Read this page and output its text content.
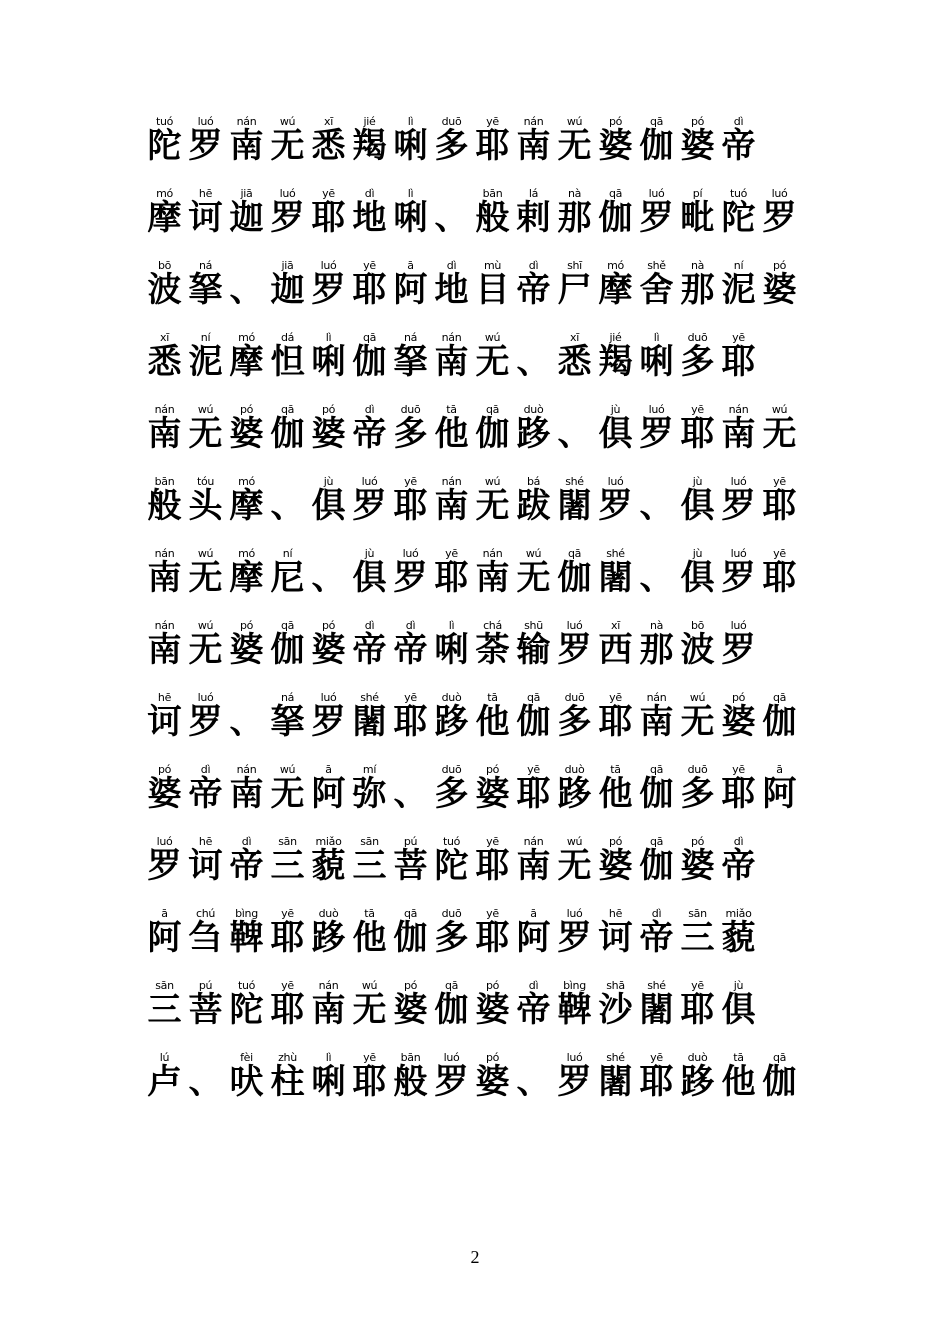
tuó
陀
luó
罗
nán
南
wú
无
xī
悉
jié
羯
lì
唎
duō
多
yē
耶
nán
南
wú
无
pó
婆
qā
伽
pó
婆
dì
帝
mó
摩
hē
诃
jiā
迦
luó
罗
yē
耶
dì
地
lì
唎 、
bān
般
lá
剌
nà
那
qā
伽
luó
罗
pí
毗
tuó
陀
luó
罗
bō
波
ná
拏 、
jiā
迦
luó
罗
yē
耶
ā
阿
dì
地
mù
目
dì
帝
shī
尸
mó
摩
shě
舍
nà
那
ní
泥
pó
婆
xī
悉
ní
泥
mó
摩
dá
怛
lì
唎
qā
伽
ná
拏
nán
南
wú
无 、
xī
悉
jié
羯
lì
唎
duō
多
yē
耶
nán
南
wú
无
pó
婆
qā
伽
pó
婆
dì
帝
duō
多
tā
他
qā
伽
duò
跢 、
jù
俱
luó
罗
yē
耶
nán
南
wú
无
bān
般
tóu
头
mó
摩 、
jù
俱
luó
罗
yē
耶
nán
南
wú
无
bá
跋
shé
闍
luó
罗 、
jù
俱
luó
罗
yē
耶
nán
南
wú
无
mó
摩
ní
尼 、
jù
俱
luó
罗
yē
耶
nán
南
wú
无
qā
伽
shé
闍 、
jù
俱
luó
罗
yē
耶
nán
南
wú
无
pó
婆
qā
伽
pó
婆
dì
帝
dì
帝
lì
唎
chá
荼
shū
输
luó
罗
xī
西
nà
那
bō
波
luó
罗
hē
诃
luó
罗 、
ná
拏
luó
罗
shé
闍
yē
耶
duò
跢
tā
他
qā
伽
duō
多
yē
耶
nán
南
wú
无
pó
婆
qā
伽
pó
婆
dì
帝
nán
南
wú
无
ā
阿
mí
弥 、
duō
多
pó
婆
yē
耶
duò
跢
tā
他
qā
伽
duō
多
yē
耶
ā
阿
luó
罗
hē
诃
dì
帝
sān
三
miǎo
藐
sān
三
pú
菩
tuó
陀
yē
耶
nán
南
wú
无
pó
婆
qā
伽
pó
婆
dì
帝
ā
阿
chú
刍
bìng
鞞
yē
耶
duò
跢
tā
他
qā
伽
duō
多
yē
耶
ā
阿
luó
罗
hē
诃
dì
帝
sān
三
miǎo
藐
sān
三
pú
菩
tuó
陀
yē
耶
nán
南
wú
无
pó
婆
qā
伽
pó
婆
dì
帝
bìng
鞞
shā
沙
shé
闍
yē
耶
jù
俱
lú
卢 、
fèi
吠
zhù
柱
lì
唎
yē
耶
bān
般
luó
罗
pó
婆 、
luó
罗
shé
闍
yē
耶
duò
跢
tā
他
qā
伽
2
